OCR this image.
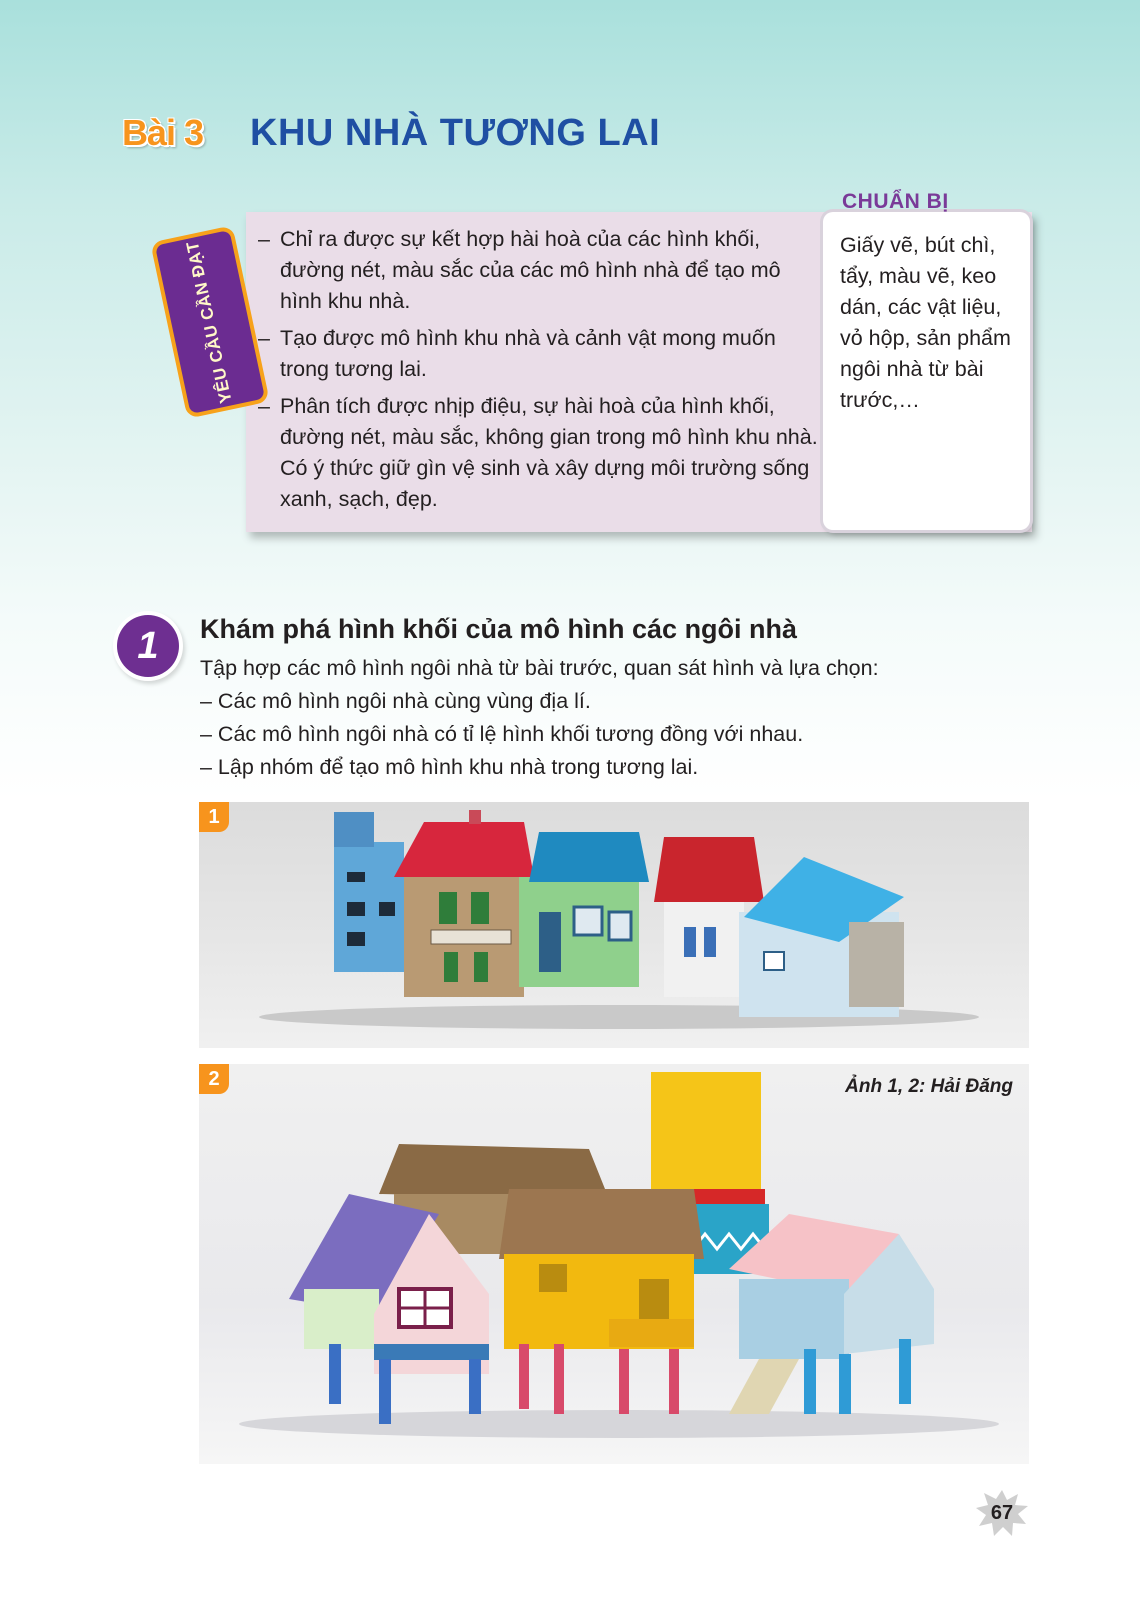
Bài 3 KHU NHÀ TƯƠNG LAI
CHUẨN BỊ
Giấy vẽ, bút chì, tẩy, màu vẽ, keo dán, các vật liệu, vỏ hộp, sản phẩm ngôi nhà từ bài trước,…
– Chỉ ra được sự kết hợp hài hoà của các hình khối, đường nét, màu sắc của các mô hình nhà để tạo mô hình khu nhà.
– Tạo được mô hình khu nhà và cảnh vật mong muốn trong tương lai.
– Phân tích được nhịp điệu, sự hài hoà của hình khối, đường nét, màu sắc, không gian trong mô hình khu nhà. Có ý thức giữ gìn vệ sinh và xây dựng môi trường sống xanh, sạch, đẹp.
YÊU CẦU CẦN ĐẠT
1	Khám phá hình khối của mô hình các ngôi nhà
Tập hợp các mô hình ngôi nhà từ bài trước, quan sát hình và lựa chọn:
– Các mô hình ngôi nhà cùng vùng địa lí.
– Các mô hình ngôi nhà có tỉ lệ hình khối tương đồng với nhau.
– Lập nhóm để tạo mô hình khu nhà trong tương lai.
1
2	Ảnh 1, 2: Hải Đăng
67
